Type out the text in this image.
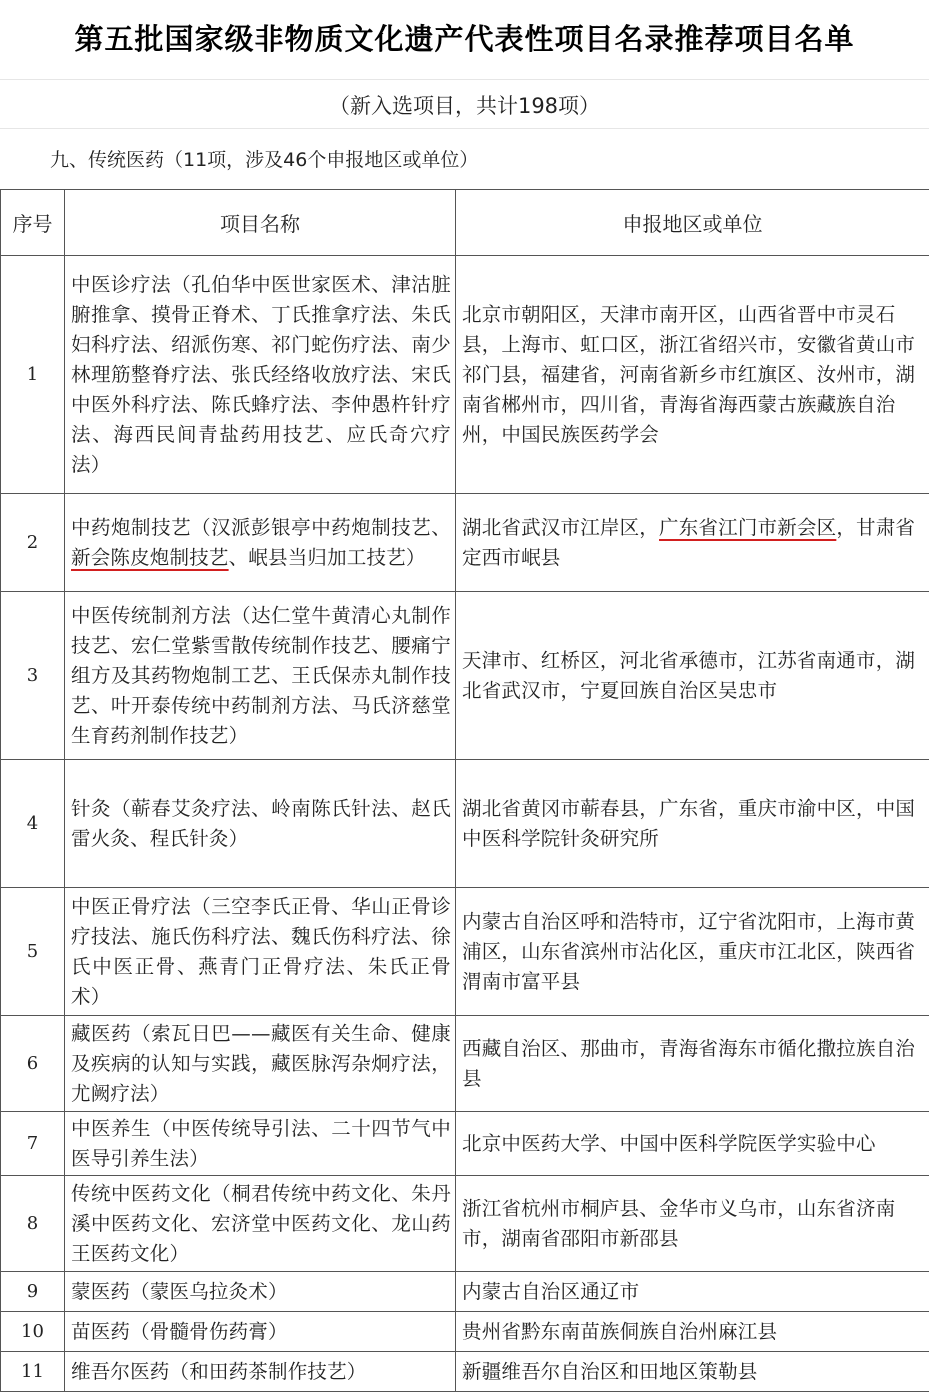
第五批国家级非物质文化遗产代表性项目名录推荐项目名单
（新入选项目，共计198项）
九、传统医药（11项，涉及46个申报地区或单位）
序号	项目名称	申报地区或单位
1	中医诊疗法（孔伯华中医世家医术、津沽脏腑推拿、摸骨正脊术、丁氏推拿疗法、朱氏妇科疗法、绍派伤寒、祁门蛇伤疗法、南少林理筋整脊疗法、张氏经络收放疗法、宋氏中医外科疗法、陈氏蜂疗法、李仲愚杵针疗法、海西民间青盐药用技艺、应氏奇穴疗法）	北京市朝阳区，天津市南开区，山西省晋中市灵石县，上海市、虹口区，浙江省绍兴市，安徽省黄山市祁门县，福建省，河南省新乡市红旗区、汝州市，湖南省郴州市，四川省，青海省海西蒙古族藏族自治州，中国民族医药学会
2	中药炮制技艺（汉派彭银亭中药炮制技艺、新会陈皮炮制技艺、岷县当归加工技艺）	湖北省武汉市江岸区，广东省江门市新会区，甘肃省定西市岷县
3	中医传统制剂方法（达仁堂牛黄清心丸制作技艺、宏仁堂紫雪散传统制作技艺、腰痛宁组方及其药物炮制工艺、王氏保赤丸制作技艺、叶开泰传统中药制剂方法、马氏济慈堂生育药剂制作技艺）	天津市、红桥区，河北省承德市，江苏省南通市，湖北省武汉市，宁夏回族自治区吴忠市
4	针灸（蕲春艾灸疗法、岭南陈氏针法、赵氏雷火灸、程氏针灸）	湖北省黄冈市蕲春县，广东省，重庆市渝中区，中国中医科学院针灸研究所
5	中医正骨疗法（三空李氏正骨、华山正骨诊疗技法、施氏伤科疗法、魏氏伤科疗法、徐氏中医正骨、燕青门正骨疗法、朱氏正骨术）	内蒙古自治区呼和浩特市，辽宁省沈阳市，上海市黄浦区，山东省滨州市沾化区，重庆市江北区，陕西省渭南市富平县
6	藏医药（索瓦日巴——藏医有关生命、健康及疾病的认知与实践，藏医脉泻杂炯疗法，尤阙疗法）	西藏自治区、那曲市，青海省海东市循化撒拉族自治县
7	中医养生（中医传统导引法、二十四节气中医导引养生法）	北京中医药大学、中国中医科学院医学实验中心
8	传统中医药文化（桐君传统中药文化、朱丹溪中医药文化、宏济堂中医药文化、龙山药王医药文化）	浙江省杭州市桐庐县、金华市义乌市，山东省济南市，湖南省邵阳市新邵县
9	蒙医药（蒙医乌拉灸术）	内蒙古自治区通辽市
10	苗医药（骨髓骨伤药膏）	贵州省黔东南苗族侗族自治州麻江县
11	维吾尔医药（和田药茶制作技艺）	新疆维吾尔自治区和田地区策勒县
